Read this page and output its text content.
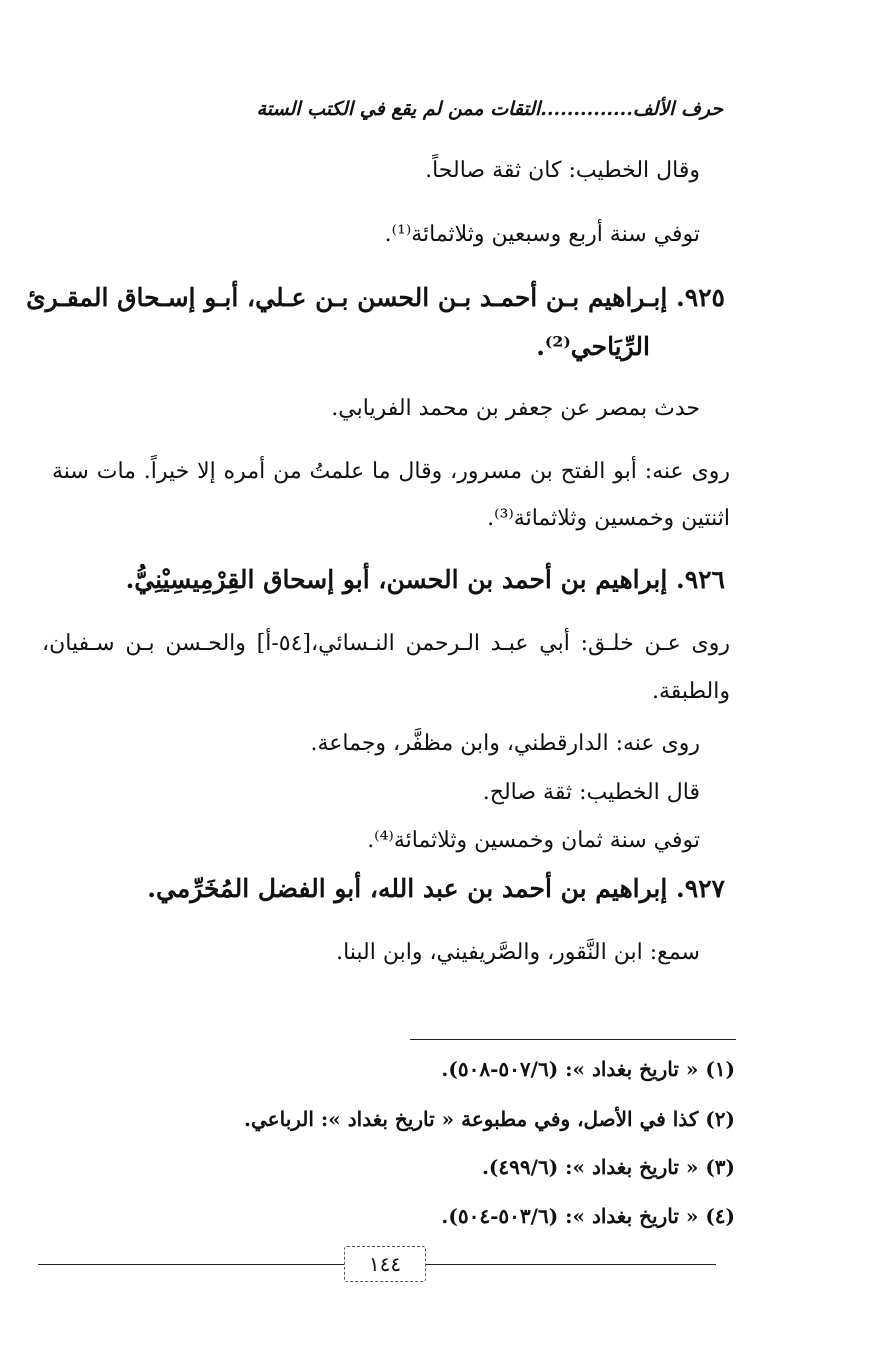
حرف الألف..............التقات ممن لم يقع في الكتب الستة
وقال الخطيب: كان ثقة صالحاً.
توفي سنة أربع وسبعين وثلاثمائة⁽¹⁾.
٩٢٥. إبـراهيم بـن أحمـد بـن الحسن بـن عـلي، أبـو إسـحاق المقـرئ
الرِّيَاحي⁽²⁾.
حدث بمصر عن جعفر بن محمد الفريابي.
روى عنه: أبو الفتح بن مسرور، وقال ما علمتُ من أمره إلا خيراً. مات سنة
اثنتين وخمسين وثلاثمائة⁽³⁾.
٩٢٦. إبراهيم بن أحمد بن الحسن، أبو إسحاق القِرْمِيسِيْنِيُّ.
روى عـن خلـق: أبي عبـد الـرحمن النـسائي،[٥٤-أ] والحـسن بـن سـفيان،
والطبقة.
روى عنه: الدارقطني، وابن مظفَّر، وجماعة.
قال الخطيب: ثقة صالح.
توفي سنة ثمان وخمسين وثلاثمائة⁽⁴⁾.
٩٢٧. إبراهيم بن أحمد بن عبد الله، أبو الفضل المُخَرِّمي.
سمع: ابن النَّقور، والصَّريفيني، وابن البنا.
(١) « تاريخ بغداد »: (٥٠٧/٦-٥٠٨).
(٢) كذا في الأصل، وفي مطبوعة « تاريخ بغداد »: الرباعي.
(٣) « تاريخ بغداد »: (٤٩٩/٦).
(٤) « تاريخ بغداد »: (٥٠٣/٦-٥٠٤).
١٤٤
